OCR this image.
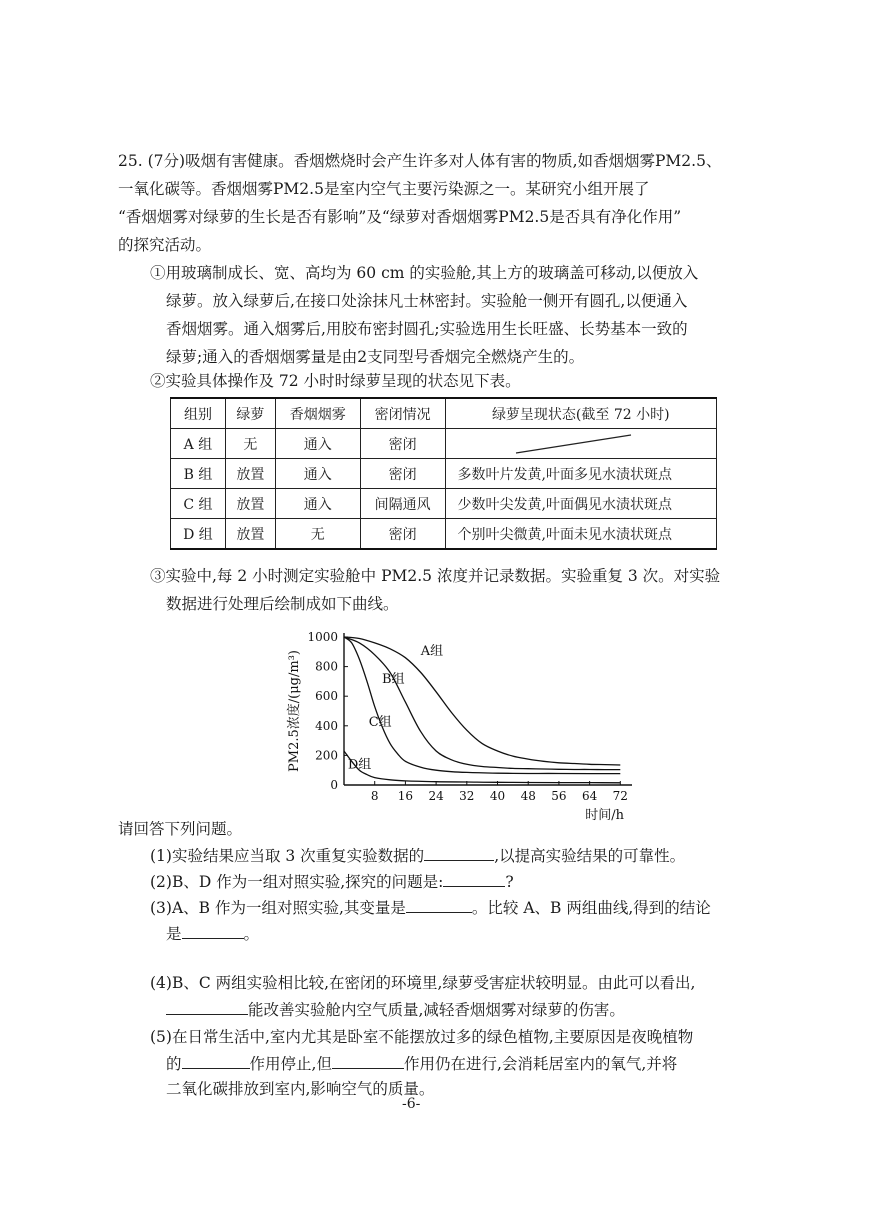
25. (7分)吸烟有害健康。香烟燃烧时会产生许多对人体有害的物质,如香烟烟雾PM2.5、
一氧化碳等。香烟烟雾PM2.5是室内空气主要污染源之一。某研究小组开展了
“香烟烟雾对绿萝的生长是否有影响”及“绿萝对香烟烟雾PM2.5是否具有净化作用”
的探究活动。
①用玻璃制成长、宽、高均为 60 cm 的实验舱,其上方的玻璃盖可移动,以便放入
绿萝。放入绿萝后,在接口处涂抹凡士林密封。实验舱一侧开有圆孔,以便通入
香烟烟雾。通入烟雾后,用胶布密封圆孔;实验选用生长旺盛、长势基本一致的
绿萝;通入的香烟烟雾量是由2支同型号香烟完全燃烧产生的。
②实验具体操作及 72 小时时绿萝呈现的状态见下表。
组别	绿萝	香烟烟雾	密闭情况	绿萝呈现状态(截至 72 小时)
A 组	无	通入	密闭	

B 组	放置	通入	密闭	多数叶片发黄,叶面多见水渍状斑点
C 组	放置	通入	间隔通风	少数叶尖发黄,叶面偶见水渍状斑点
D 组	放置	无	密闭	个别叶尖微黄,叶面未见水渍状斑点
③实验中,每 2 小时测定实验舱中 PM2.5 浓度并记录数据。实验重复 3 次。对实验
数据进行处理后绘制成如下曲线。
0
200
400
600
800
1000
8 16 24 32 40 48 56 64 72
PM2.5浓度/(μg/m³)
时间/h
A组
B组
C组
D组
请回答下列问题。
(1)实验结果应当取 3 次重复实验数据的	,以提高实验结果的可靠性。
(2)B、D 作为一组对照实验,探究的问题是:	?
(3)A、B 作为一组对照实验,其变量是	。比较 A、B 两组曲线,得到的结论
是	。
(4)B、C 两组实验相比较,在密闭的环境里,绿萝受害症状较明显。由此可以看出,
能改善实验舱内空气质量,减轻香烟烟雾对绿萝的伤害。
(5)在日常生活中,室内尤其是卧室不能摆放过多的绿色植物,主要原因是夜晚植物
的	作用停止,但	作用仍在进行,会消耗居室内的氧气,并将
二氧化碳排放到室内,影响空气的质量。
-6-
